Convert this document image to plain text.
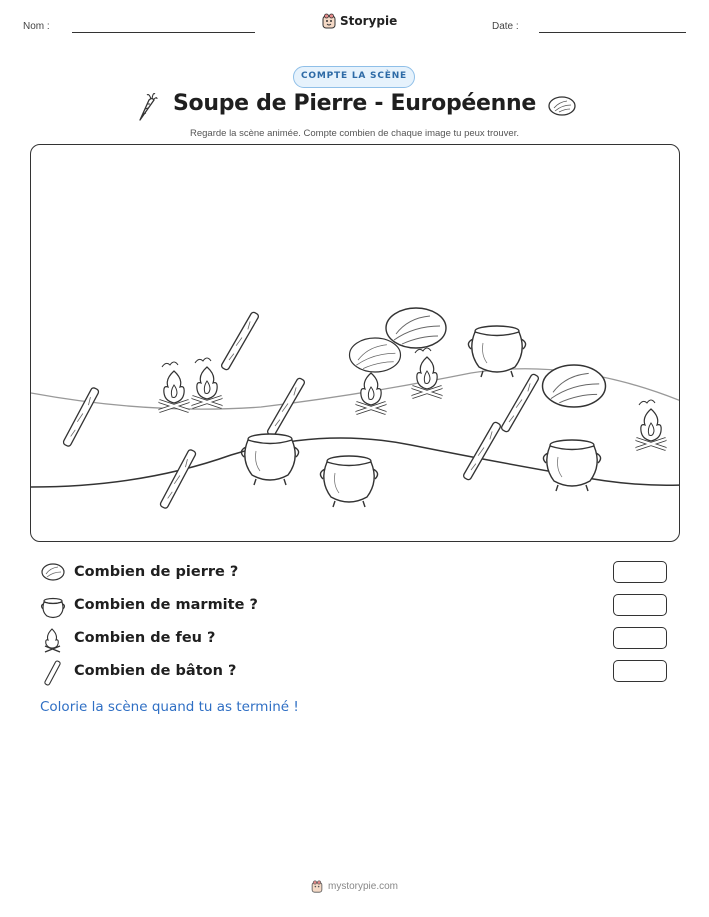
Nom :	Storypie	Date :
COMPTE LA SCÈNE
Soupe de Pierre - Européenne
Regarde la scène animée. Compte combien de chaque image tu peux trouver.
Combien de pierre ?
Combien de marmite ?
Combien de feu ?
Combien de bâton ?
Colorie la scène quand tu as terminé !
mystorypie.com
